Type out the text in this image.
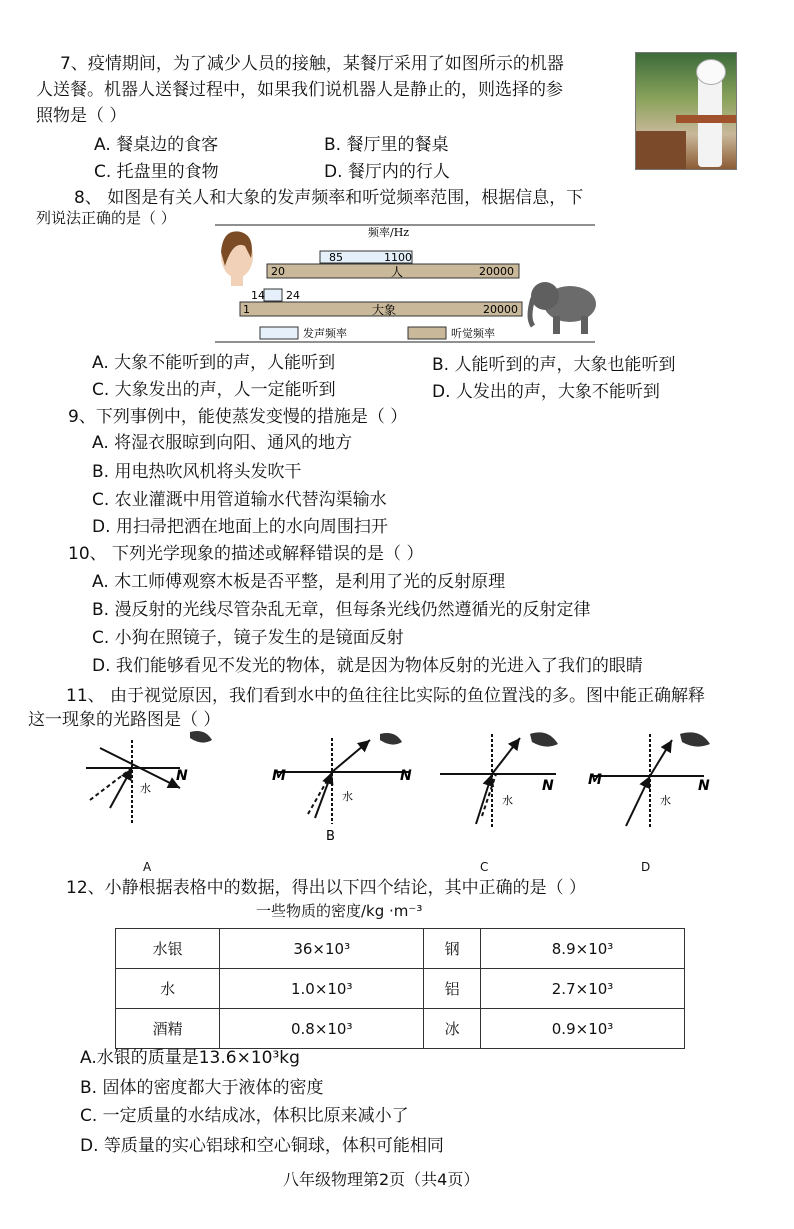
7、疫情期间，为了减少人员的接触，某餐厅采用了如图所示的机器
人送餐。机器人送餐过程中，如果我们说机器人是静止的，则选择的参
照物是（ ）
A. 餐桌边的食客	B. 餐厅里的餐桌
C. 托盘里的食物	D. 餐厅内的行人
8、 如图是有关人和大象的发声频率和听觉频率范围，根据信息，下
列说法正确的是（ ）
频率/Hz
85	1100
20	人	20000
14 24
1	大象	20000
发声频率	听觉频率
A. 大象不能听到的声，人能听到	B. 人能听到的声，大象也能听到
C. 大象发出的声，人一定能听到	D. 人发出的声，大象不能听到
9、下列事例中，能使蒸发变慢的措施是（ ）
A. 将湿衣服晾到向阳、通风的地方
B. 用电热吹风机将头发吹干
C. 农业灌溉中用管道输水代替沟渠输水
D. 用扫帚把洒在地面上的水向周围扫开
10、 下列光学现象的描述或解释错误的是（ ）
A. 木工师傅观察木板是否平整，是利用了光的反射原理
B. 漫反射的光线尽管杂乱无章，但每条光线仍然遵循光的反射定律
C. 小狗在照镜子，镜子发生的是镜面反射
D. 我们能够看见不发光的物体，就是因为物体反射的光进入了我们的眼睛
11、 由于视觉原因，我们看到水中的鱼往往比实际的鱼位置浅的多。图中能正确解释
这一现象的光路图是（ ）
N
水
M	N
水
B
N
水
M	N
水
A	C	D
12、小静根据表格中的数据，得出以下四个结论，其中正确的是（ ）
一些物质的密度/kg ·m⁻³
水银	36×10³	钢	8.9×10³
水	1.0×10³	铝	2.7×10³
酒精	0.8×10³	冰	0.9×10³
A.水银的质量是13.6×10³kg
B. 固体的密度都大于液体的密度
C. 一定质量的水结成冰，体积比原来减小了
D. 等质量的实心铝球和空心铜球，体积可能相同
八年级物理第2页（共4页）
